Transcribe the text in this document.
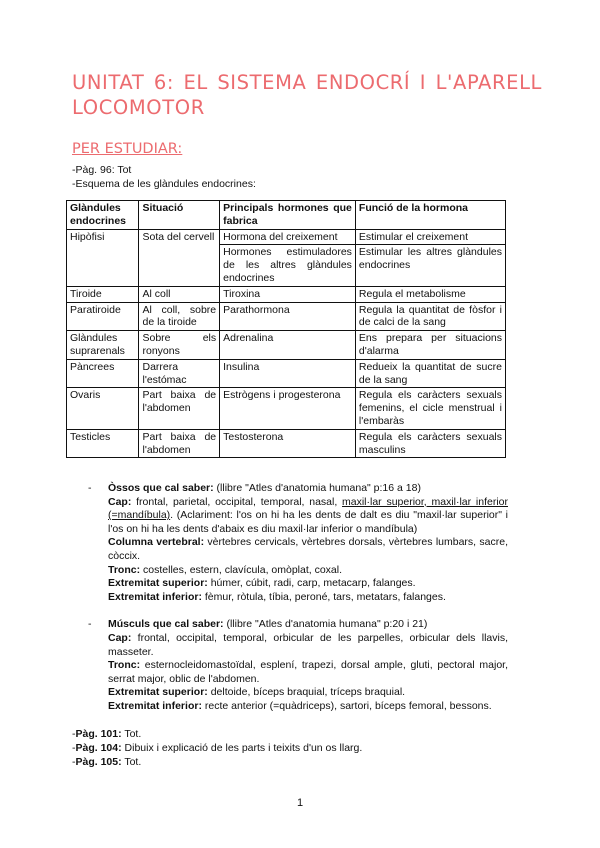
UNITAT 6: EL SISTEMA ENDOCRÍ I L'APARELL LOCOMOTOR
PER ESTUDIAR:
-Pàg. 96: Tot
-Esquema de les glàndules endocrines:
Glàndules endocrines	Situació	Principals hormones que fabrica	Funció de la hormona
Hipòfisi	Sota del cervell	Hormona del creixement	Estimular el creixement
		Hormones estimuladores de les altres glàndules endocrines	Estimular les altres glàndules endocrines
Tiroide	Al coll	Tiroxina	Regula el metabolisme
Paratiroide	Al coll, sobre de la tiroide	Parathormona	Regula la quantitat de fòsfor i de calci de la sang
Glàndules suprarenals	Sobre els ronyons	Adrenalina	Ens prepara per situacions d'alarma
Pàncrees	Darrera l'estómac	Insulina	Redueix la quantitat de sucre de la sang
Ovaris	Part baixa de l'abdomen	Estrògens i progesterona	Regula els caràcters sexuals femenins, el cicle menstrual i l'embaràs
Testicles	Part baixa de l'abdomen	Testosterona	Regula els caràcters sexuals masculins
- Òssos que cal saber: (llibre "Atles d'anatomia humana" p:16 a 18)
Cap: frontal, parietal, occipital, temporal, nasal, maxil·lar superior, maxil·lar inferior (=mandíbula). (Aclariment: l'os on hi ha les dents de dalt es diu "maxil·lar superior" i l'os on hi ha les dents d'abaix es diu maxil·lar inferior o mandíbula)
Columna vertebral: vèrtebres cervicals, vèrtebres dorsals, vèrtebres lumbars, sacre, còccix.
Tronc: costelles, estern, clavícula, omòplat, coxal.
Extremitat superior: húmer, cúbit, radi, carp, metacarp, falanges.
Extremitat inferior: fèmur, ròtula, tíbia, peroné, tars, metatars, falanges.
- Músculs que cal saber: (llibre "Atles d'anatomia humana" p:20 i 21)
Cap: frontal, occipital, temporal, orbicular de les parpelles, orbicular dels llavis, masseter.
Tronc: esternocleidomastoïdal, esplení, trapezi, dorsal ample, gluti, pectoral major, serrat major, oblic de l'abdomen.
Extremitat superior: deltoide, bíceps braquial, tríceps braquial.
Extremitat inferior: recte anterior (=quàdriceps), sartori, bíceps femoral, bessons.
-Pàg. 101: Tot.
-Pàg. 104: Dibuix i explicació de les parts i teixits d'un os llarg.
-Pàg. 105: Tot.
1
